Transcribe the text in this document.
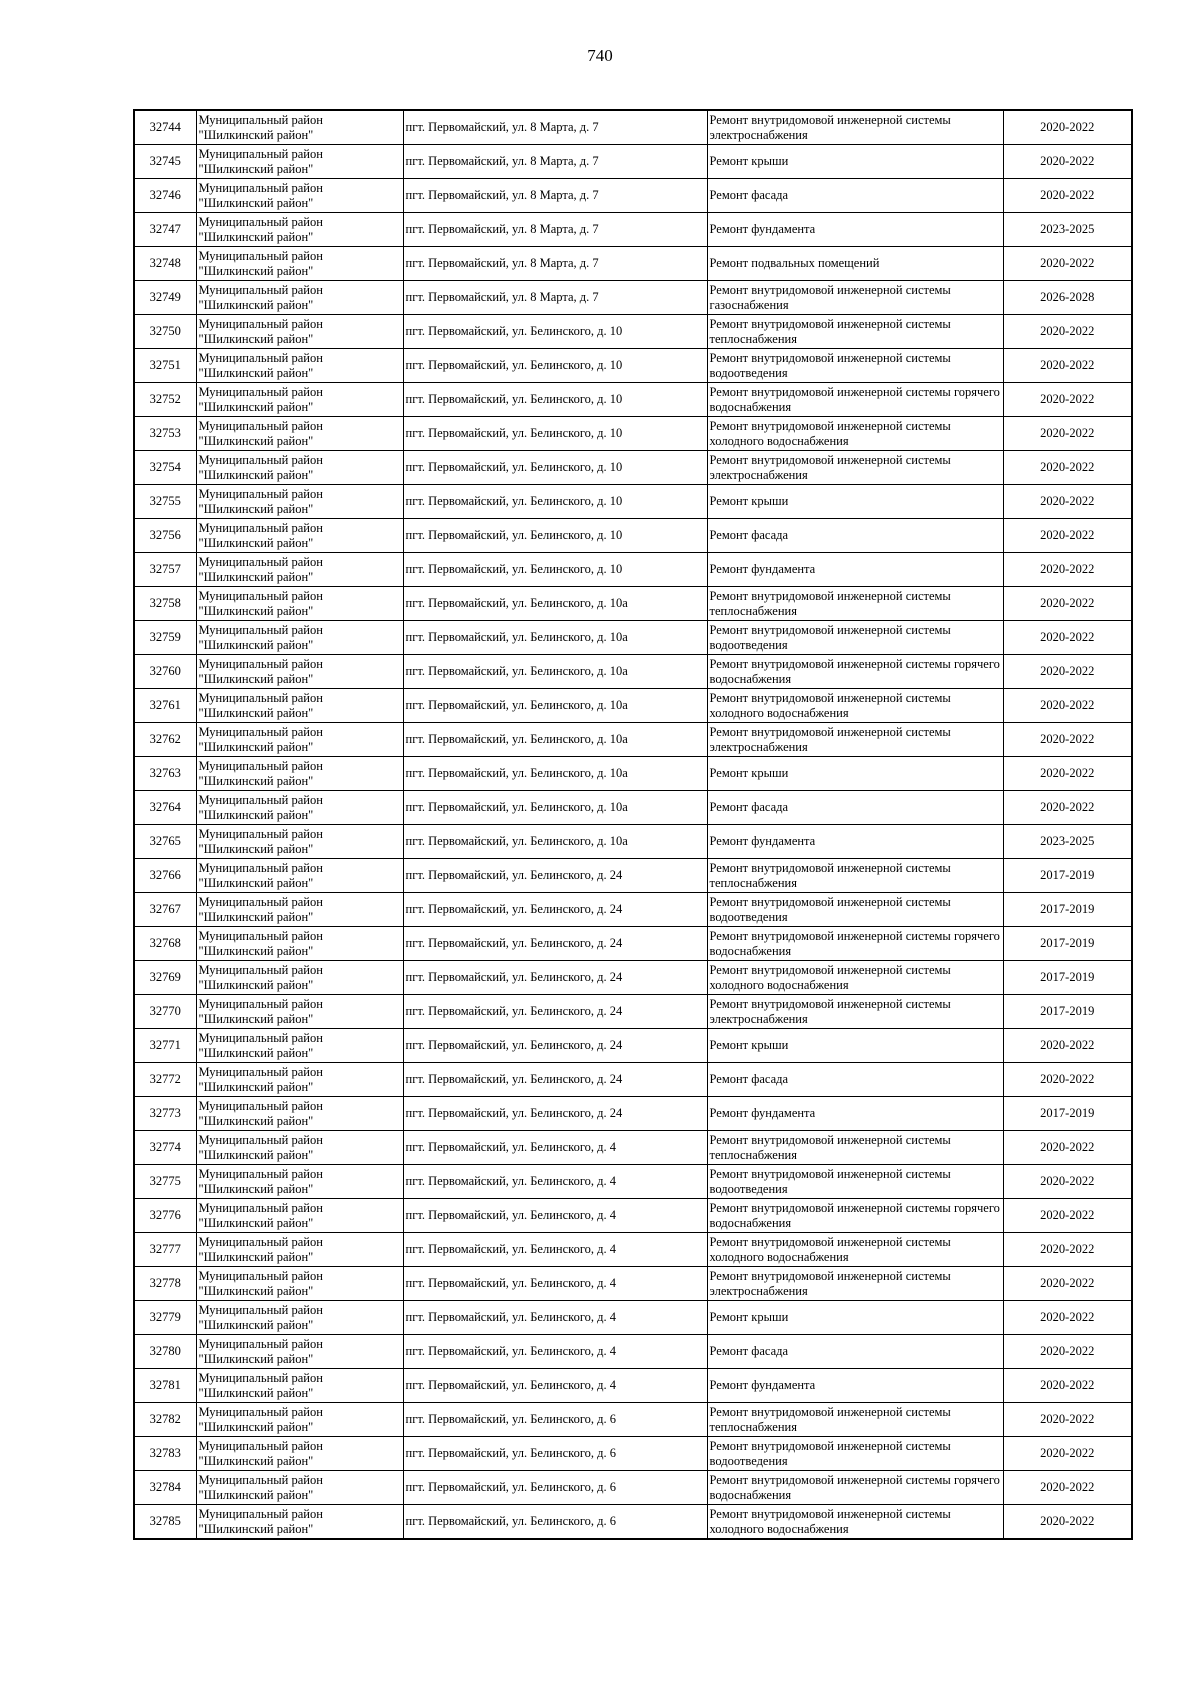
740
32744	Муниципальный район "Шилкинский район"	пгт. Первомайский, ул. 8 Марта, д. 7	Ремонт внутридомовой инженерной системы электроснабжения	2020-2022
32745	Муниципальный район "Шилкинский район"	пгт. Первомайский, ул. 8 Марта, д. 7	Ремонт крыши	2020-2022
32746	Муниципальный район "Шилкинский район"	пгт. Первомайский, ул. 8 Марта, д. 7	Ремонт фасада	2020-2022
32747	Муниципальный район "Шилкинский район"	пгт. Первомайский, ул. 8 Марта, д. 7	Ремонт фундамента	2023-2025
32748	Муниципальный район "Шилкинский район"	пгт. Первомайский, ул. 8 Марта, д. 7	Ремонт подвальных помещений	2020-2022
32749	Муниципальный район "Шилкинский район"	пгт. Первомайский, ул. 8 Марта, д. 7	Ремонт внутридомовой инженерной системы газоснабжения	2026-2028
32750	Муниципальный район "Шилкинский район"	пгт. Первомайский, ул. Белинского, д. 10	Ремонт внутридомовой инженерной системы теплоснабжения	2020-2022
32751	Муниципальный район "Шилкинский район"	пгт. Первомайский, ул. Белинского, д. 10	Ремонт внутридомовой инженерной системы водоотведения	2020-2022
32752	Муниципальный район "Шилкинский район"	пгт. Первомайский, ул. Белинского, д. 10	Ремонт внутридомовой инженерной системы горячего водоснабжения	2020-2022
32753	Муниципальный район "Шилкинский район"	пгт. Первомайский, ул. Белинского, д. 10	Ремонт внутридомовой инженерной системы холодного водоснабжения	2020-2022
32754	Муниципальный район "Шилкинский район"	пгт. Первомайский, ул. Белинского, д. 10	Ремонт внутридомовой инженерной системы электроснабжения	2020-2022
32755	Муниципальный район "Шилкинский район"	пгт. Первомайский, ул. Белинского, д. 10	Ремонт крыши	2020-2022
32756	Муниципальный район "Шилкинский район"	пгт. Первомайский, ул. Белинского, д. 10	Ремонт фасада	2020-2022
32757	Муниципальный район "Шилкинский район"	пгт. Первомайский, ул. Белинского, д. 10	Ремонт фундамента	2020-2022
32758	Муниципальный район "Шилкинский район"	пгт. Первомайский, ул. Белинского, д. 10а	Ремонт внутридомовой инженерной системы теплоснабжения	2020-2022
32759	Муниципальный район "Шилкинский район"	пгт. Первомайский, ул. Белинского, д. 10а	Ремонт внутридомовой инженерной системы водоотведения	2020-2022
32760	Муниципальный район "Шилкинский район"	пгт. Первомайский, ул. Белинского, д. 10а	Ремонт внутридомовой инженерной системы горячего водоснабжения	2020-2022
32761	Муниципальный район "Шилкинский район"	пгт. Первомайский, ул. Белинского, д. 10а	Ремонт внутридомовой инженерной системы холодного водоснабжения	2020-2022
32762	Муниципальный район "Шилкинский район"	пгт. Первомайский, ул. Белинского, д. 10а	Ремонт внутридомовой инженерной системы электроснабжения	2020-2022
32763	Муниципальный район "Шилкинский район"	пгт. Первомайский, ул. Белинского, д. 10а	Ремонт крыши	2020-2022
32764	Муниципальный район "Шилкинский район"	пгт. Первомайский, ул. Белинского, д. 10а	Ремонт фасада	2020-2022
32765	Муниципальный район "Шилкинский район"	пгт. Первомайский, ул. Белинского, д. 10а	Ремонт фундамента	2023-2025
32766	Муниципальный район "Шилкинский район"	пгт. Первомайский, ул. Белинского, д. 24	Ремонт внутридомовой инженерной системы теплоснабжения	2017-2019
32767	Муниципальный район "Шилкинский район"	пгт. Первомайский, ул. Белинского, д. 24	Ремонт внутридомовой инженерной системы водоотведения	2017-2019
32768	Муниципальный район "Шилкинский район"	пгт. Первомайский, ул. Белинского, д. 24	Ремонт внутридомовой инженерной системы горячего водоснабжения	2017-2019
32769	Муниципальный район "Шилкинский район"	пгт. Первомайский, ул. Белинского, д. 24	Ремонт внутридомовой инженерной системы холодного водоснабжения	2017-2019
32770	Муниципальный район "Шилкинский район"	пгт. Первомайский, ул. Белинского, д. 24	Ремонт внутридомовой инженерной системы электроснабжения	2017-2019
32771	Муниципальный район "Шилкинский район"	пгт. Первомайский, ул. Белинского, д. 24	Ремонт крыши	2020-2022
32772	Муниципальный район "Шилкинский район"	пгт. Первомайский, ул. Белинского, д. 24	Ремонт фасада	2020-2022
32773	Муниципальный район "Шилкинский район"	пгт. Первомайский, ул. Белинского, д. 24	Ремонт фундамента	2017-2019
32774	Муниципальный район "Шилкинский район"	пгт. Первомайский, ул. Белинского, д. 4	Ремонт внутридомовой инженерной системы теплоснабжения	2020-2022
32775	Муниципальный район "Шилкинский район"	пгт. Первомайский, ул. Белинского, д. 4	Ремонт внутридомовой инженерной системы водоотведения	2020-2022
32776	Муниципальный район "Шилкинский район"	пгт. Первомайский, ул. Белинского, д. 4	Ремонт внутридомовой инженерной системы горячего водоснабжения	2020-2022
32777	Муниципальный район "Шилкинский район"	пгт. Первомайский, ул. Белинского, д. 4	Ремонт внутридомовой инженерной системы холодного водоснабжения	2020-2022
32778	Муниципальный район "Шилкинский район"	пгт. Первомайский, ул. Белинского, д. 4	Ремонт внутридомовой инженерной системы электроснабжения	2020-2022
32779	Муниципальный район "Шилкинский район"	пгт. Первомайский, ул. Белинского, д. 4	Ремонт крыши	2020-2022
32780	Муниципальный район "Шилкинский район"	пгт. Первомайский, ул. Белинского, д. 4	Ремонт фасада	2020-2022
32781	Муниципальный район "Шилкинский район"	пгт. Первомайский, ул. Белинского, д. 4	Ремонт фундамента	2020-2022
32782	Муниципальный район "Шилкинский район"	пгт. Первомайский, ул. Белинского, д. 6	Ремонт внутридомовой инженерной системы теплоснабжения	2020-2022
32783	Муниципальный район "Шилкинский район"	пгт. Первомайский, ул. Белинского, д. 6	Ремонт внутридомовой инженерной системы водоотведения	2020-2022
32784	Муниципальный район "Шилкинский район"	пгт. Первомайский, ул. Белинского, д. 6	Ремонт внутридомовой инженерной системы горячего водоснабжения	2020-2022
32785	Муниципальный район "Шилкинский район"	пгт. Первомайский, ул. Белинского, д. 6	Ремонт внутридомовой инженерной системы холодного водоснабжения	2020-2022
